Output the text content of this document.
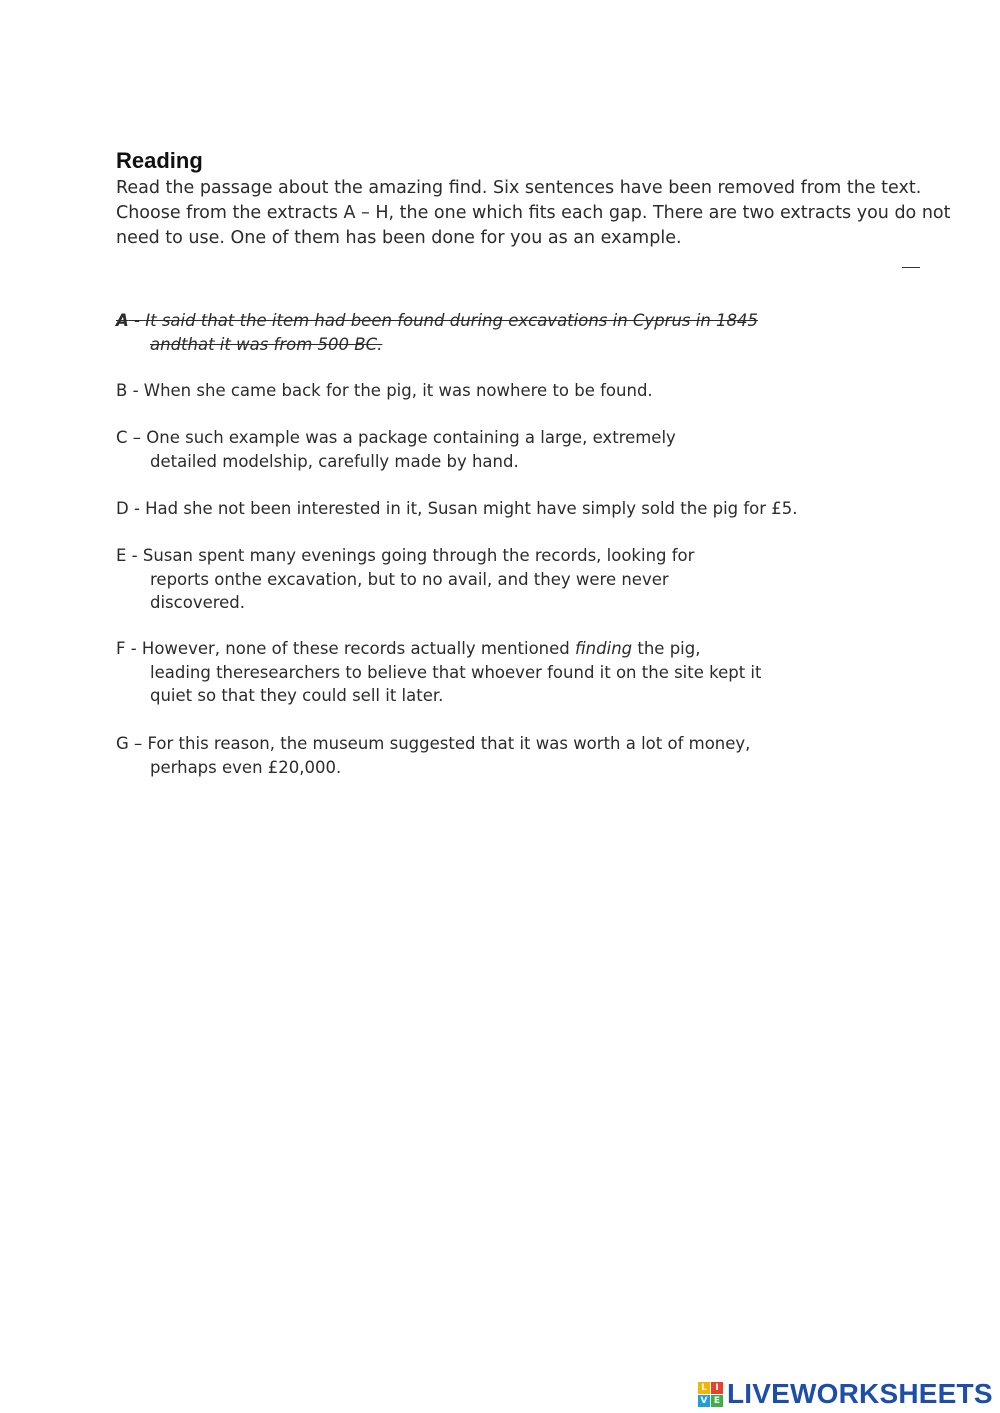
Reading

Read the passage about the amazing find. Six sentences have been removed from the text. Choose from the extracts A – H, the one which fits each gap. There are two extracts you do not need to use. One of them has been done for you as an example.

A - It said that the item had been found during excavations in Cyprus in 1845
andthat it was from 500 BC.
B - When she came back for the pig, it was nowhere to be found.
C – One such example was a package containing a large, extremely
detailed modelship, carefully made by hand.
D - Had she not been interested in it, Susan might have simply sold the pig for £5.
E - Susan spent many evenings going through the records, looking for
reports onthe excavation, but to no avail, and they were never
discovered.
F - However, none of these records actually mentioned finding the pig,
leading theresearchers to believe that whoever found it on the site kept it
quiet so that they could sell it later.
G – For this reason, the museum suggested that it was worth a lot of money,
perhaps even £20,000.
L I
V E LIVEWORKSHEETS
